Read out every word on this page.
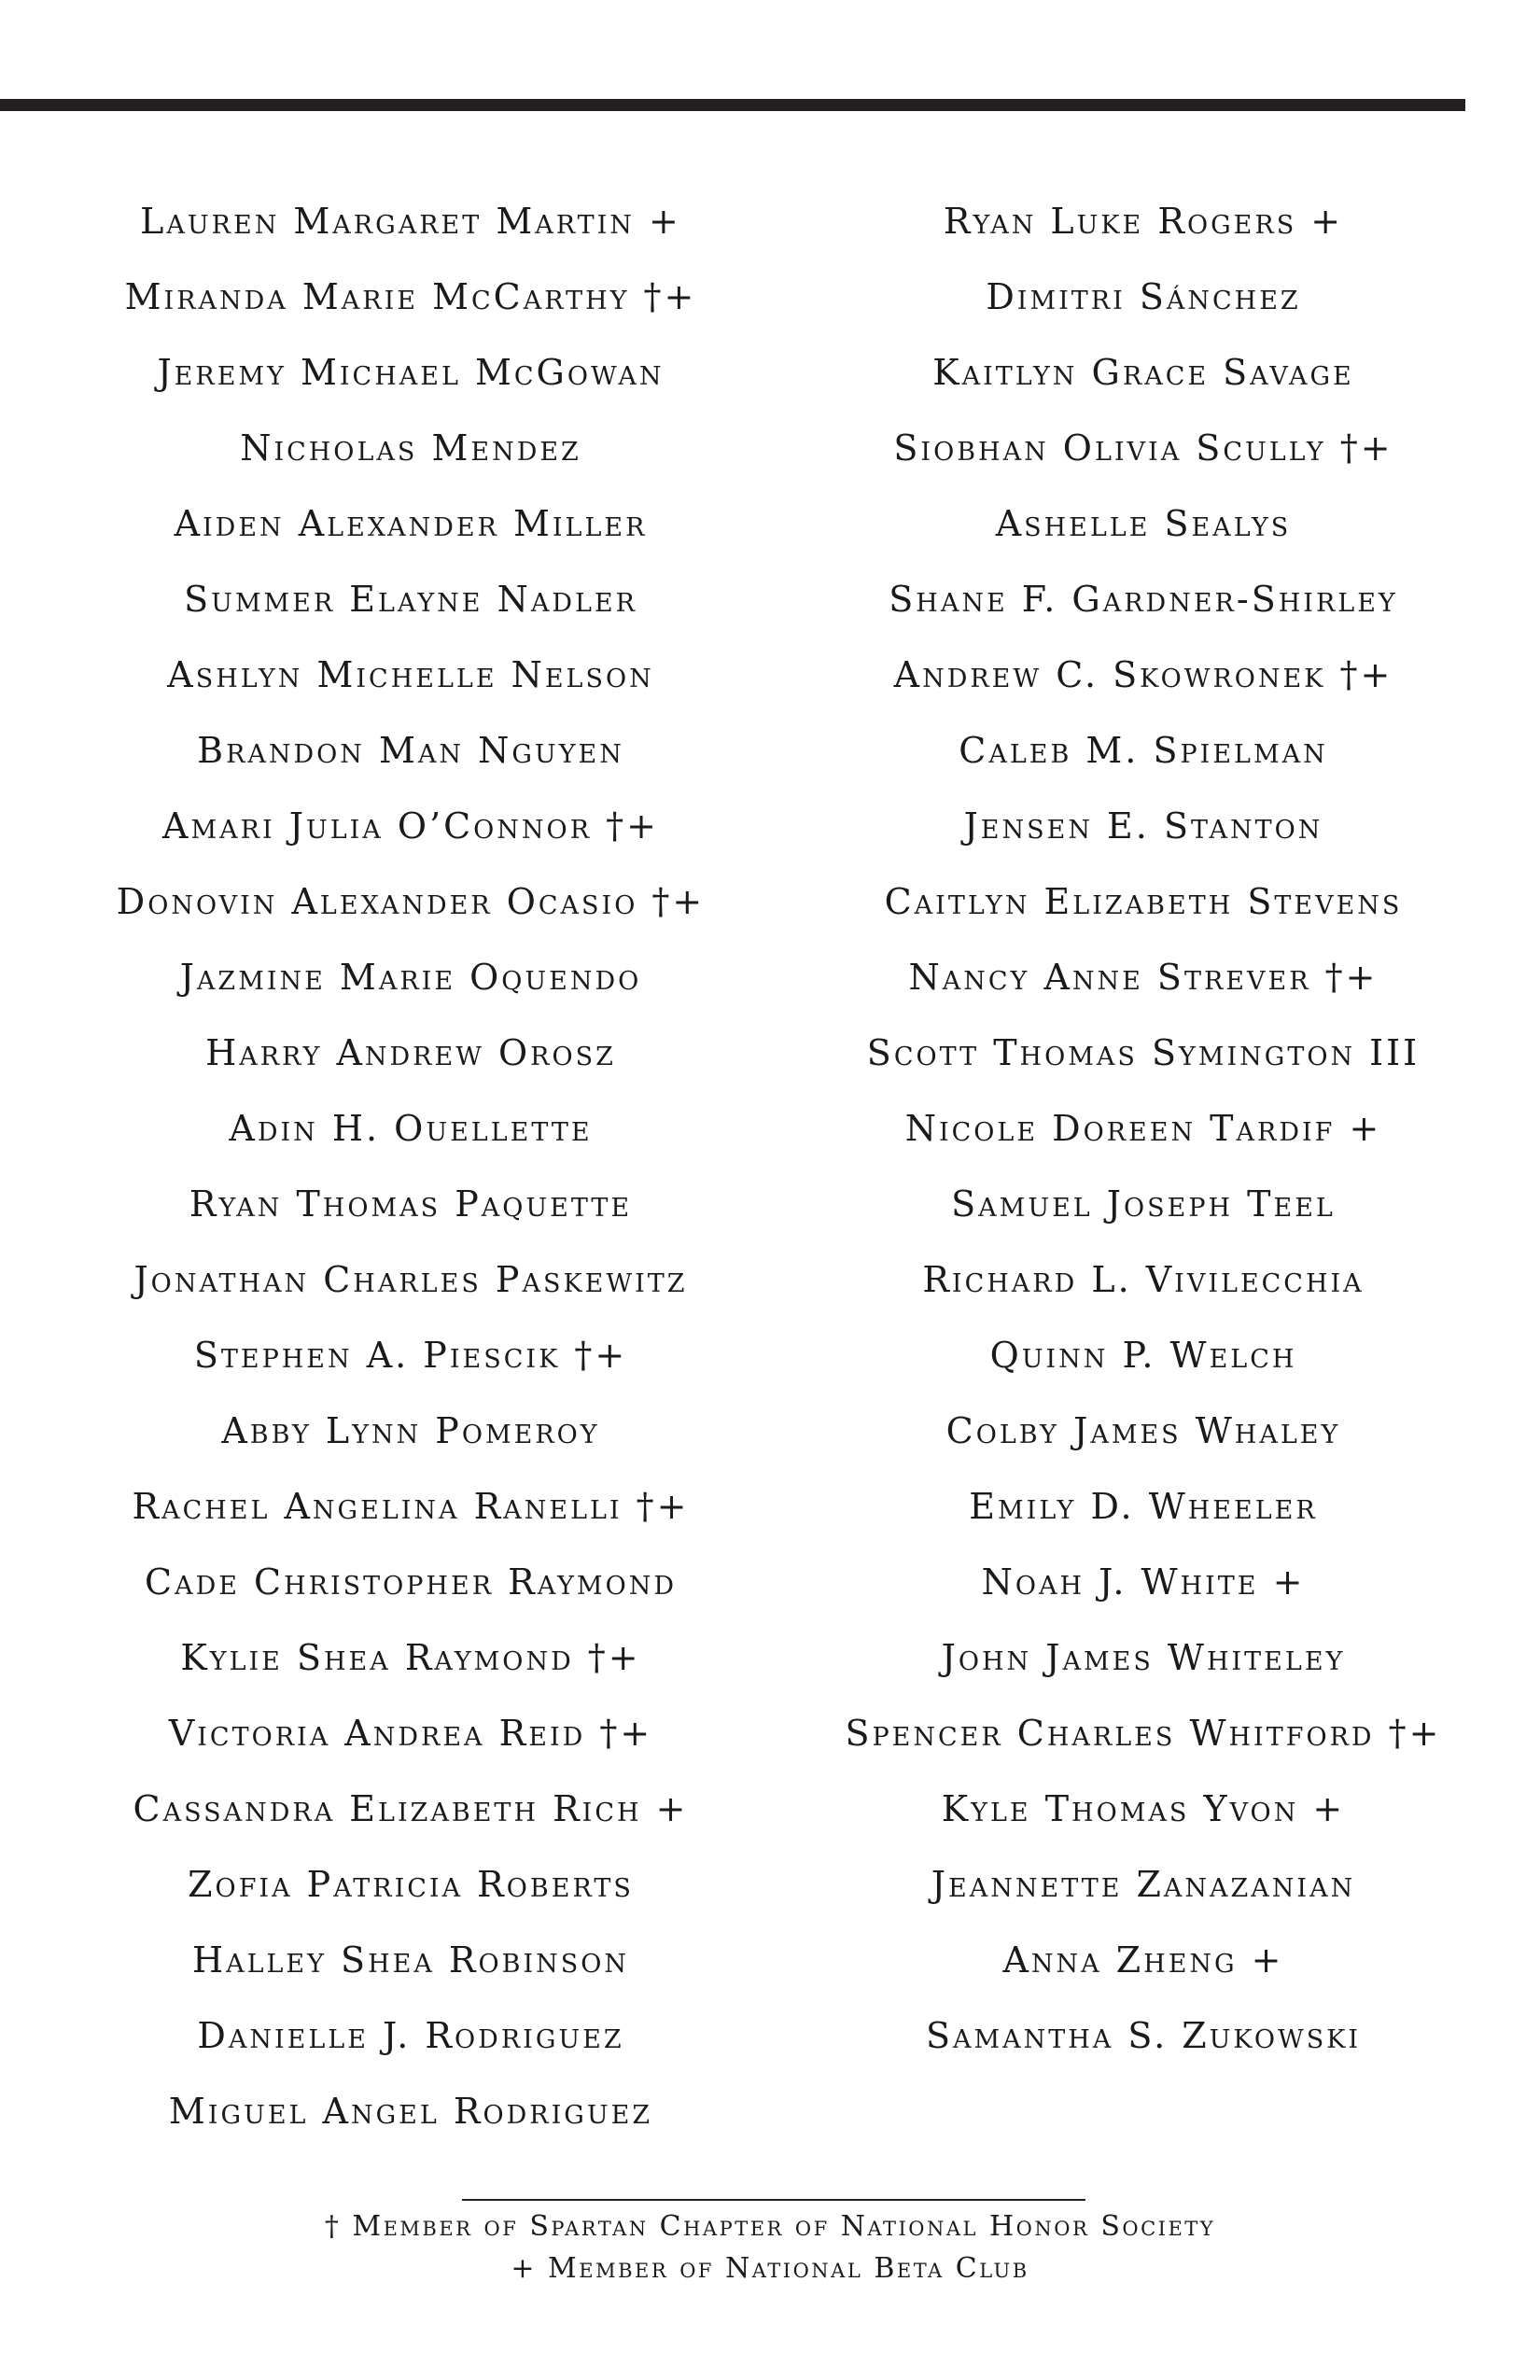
Lauren Margaret Martin +
Miranda Marie McCarthy †+
Jeremy Michael McGowan
Nicholas Mendez
Aiden Alexander Miller
Summer Elayne Nadler
Ashlyn Michelle Nelson
Brandon Man Nguyen
Amari Julia O’Connor †+
Donovin Alexander Ocasio †+
Jazmine Marie Oquendo
Harry Andrew Orosz
Adin H. Ouellette
Ryan Thomas Paquette
Jonathan Charles Paskewitz
Stephen A. Piescik †+
Abby Lynn Pomeroy
Rachel Angelina Ranelli †+
Cade Christopher Raymond
Kylie Shea Raymond †+
Victoria Andrea Reid †+
Cassandra Elizabeth Rich +
Zofia Patricia Roberts
Halley Shea Robinson
Danielle J. Rodriguez
Miguel Angel Rodriguez
Ryan Luke Rogers +
Dimitri Sánchez
Kaitlyn Grace Savage
Siobhan Olivia Scully †+
Ashelle Sealys
Shane F. Gardner-Shirley
Andrew C. Skowronek †+
Caleb M. Spielman
Jensen E. Stanton
Caitlyn Elizabeth Stevens
Nancy Anne Strever †+
Scott Thomas Symington III
Nicole Doreen Tardif +
Samuel Joseph Teel
Richard L. Vivilecchia
Quinn P. Welch
Colby James Whaley
Emily D. Wheeler
Noah J. White +
John James Whiteley
Spencer Charles Whitford †+
Kyle Thomas Yvon +
Jeannette Zanazanian
Anna Zheng +
Samantha S. Zukowski
† Member of Spartan Chapter of National Honor Society
+ Member of National Beta Club
